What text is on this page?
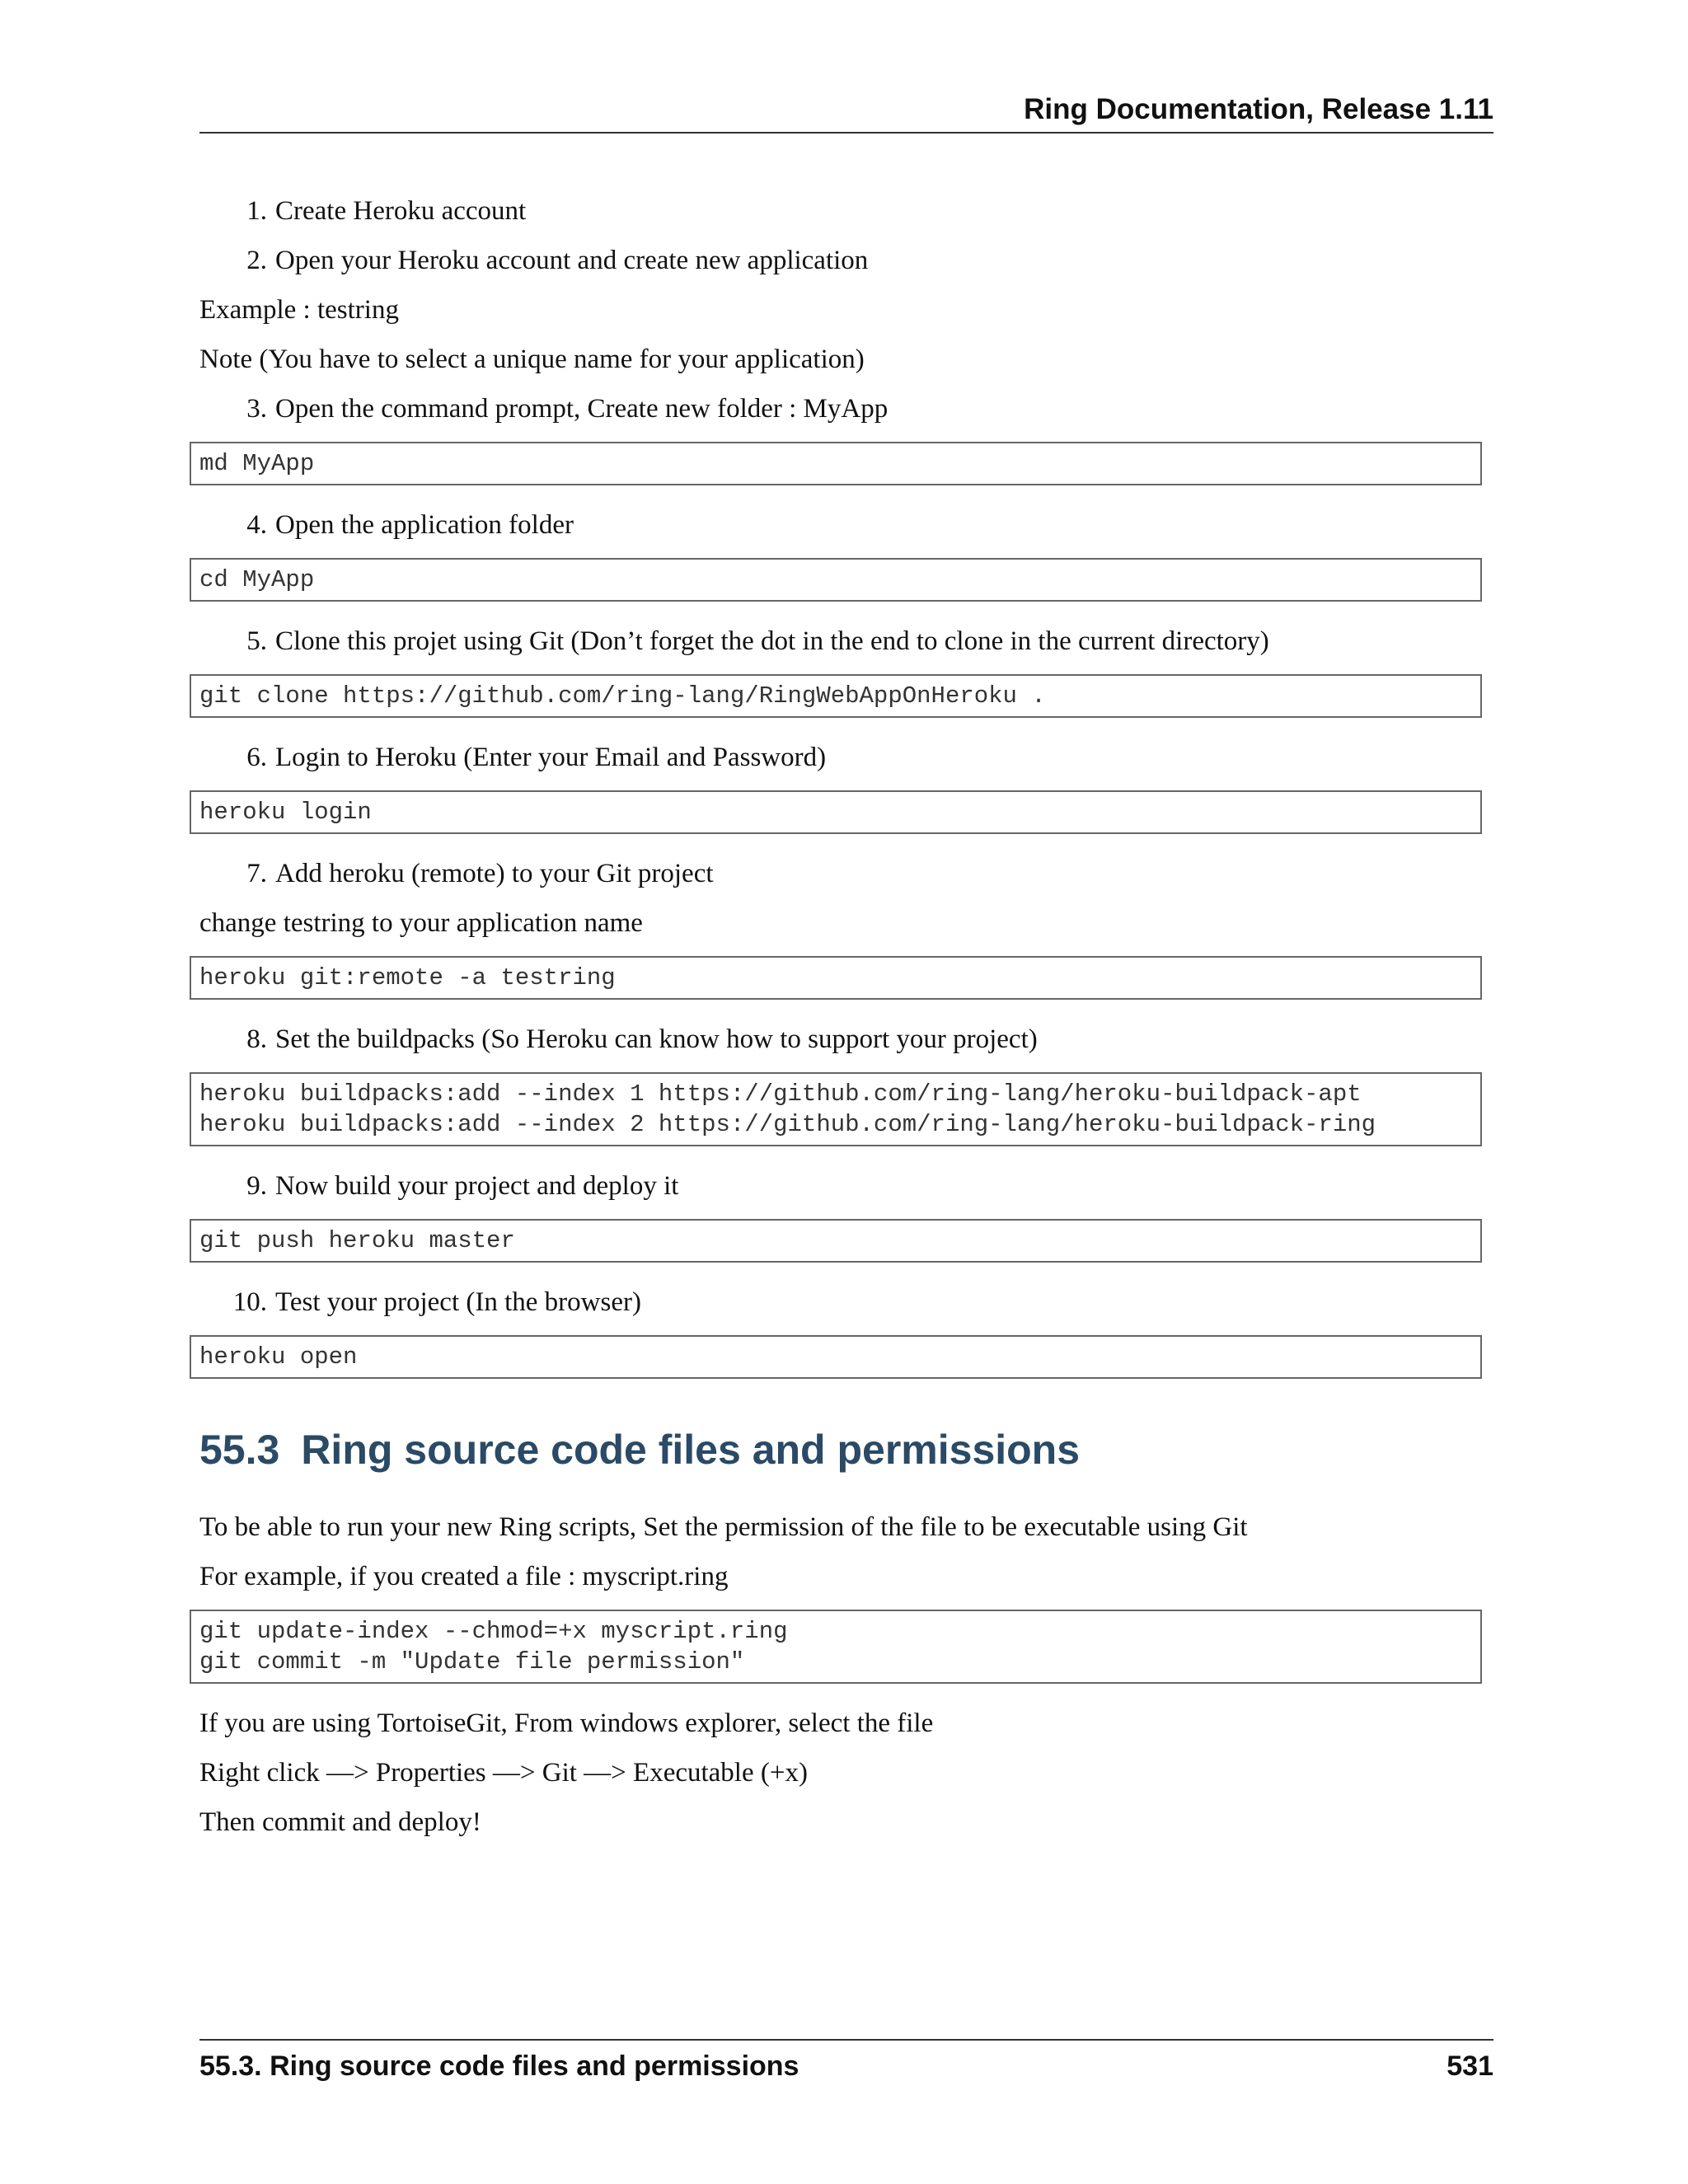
Ring Documentation, Release 1.11
1. Create Heroku account
2. Open your Heroku account and create new application
Example : testring
Note (You have to select a unique name for your application)
3. Open the command prompt, Create new folder : MyApp
md MyApp
4. Open the application folder
cd MyApp
5. Clone this projet using Git (Don’t forget the dot in the end to clone in the current directory)
git clone https://github.com/ring-lang/RingWebAppOnHeroku .
6. Login to Heroku (Enter your Email and Password)
heroku login
7. Add heroku (remote) to your Git project
change testring to your application name
heroku git:remote -a testring
8. Set the buildpacks (So Heroku can know how to support your project)
heroku buildpacks:add --index 1 https://github.com/ring-lang/heroku-buildpack-apt
heroku buildpacks:add --index 2 https://github.com/ring-lang/heroku-buildpack-ring
9. Now build your project and deploy it
git push heroku master
10. Test your project (In the browser)
heroku open
55.3 Ring source code files and permissions
To be able to run your new Ring scripts, Set the permission of the file to be executable using Git
For example, if you created a file : myscript.ring
git update-index --chmod=+x myscript.ring
git commit -m "Update file permission"
If you are using TortoiseGit, From windows explorer, select the file
Right click —> Properties —> Git —> Executable (+x)
Then commit and deploy!
55.3. Ring source code files and permissions	531
